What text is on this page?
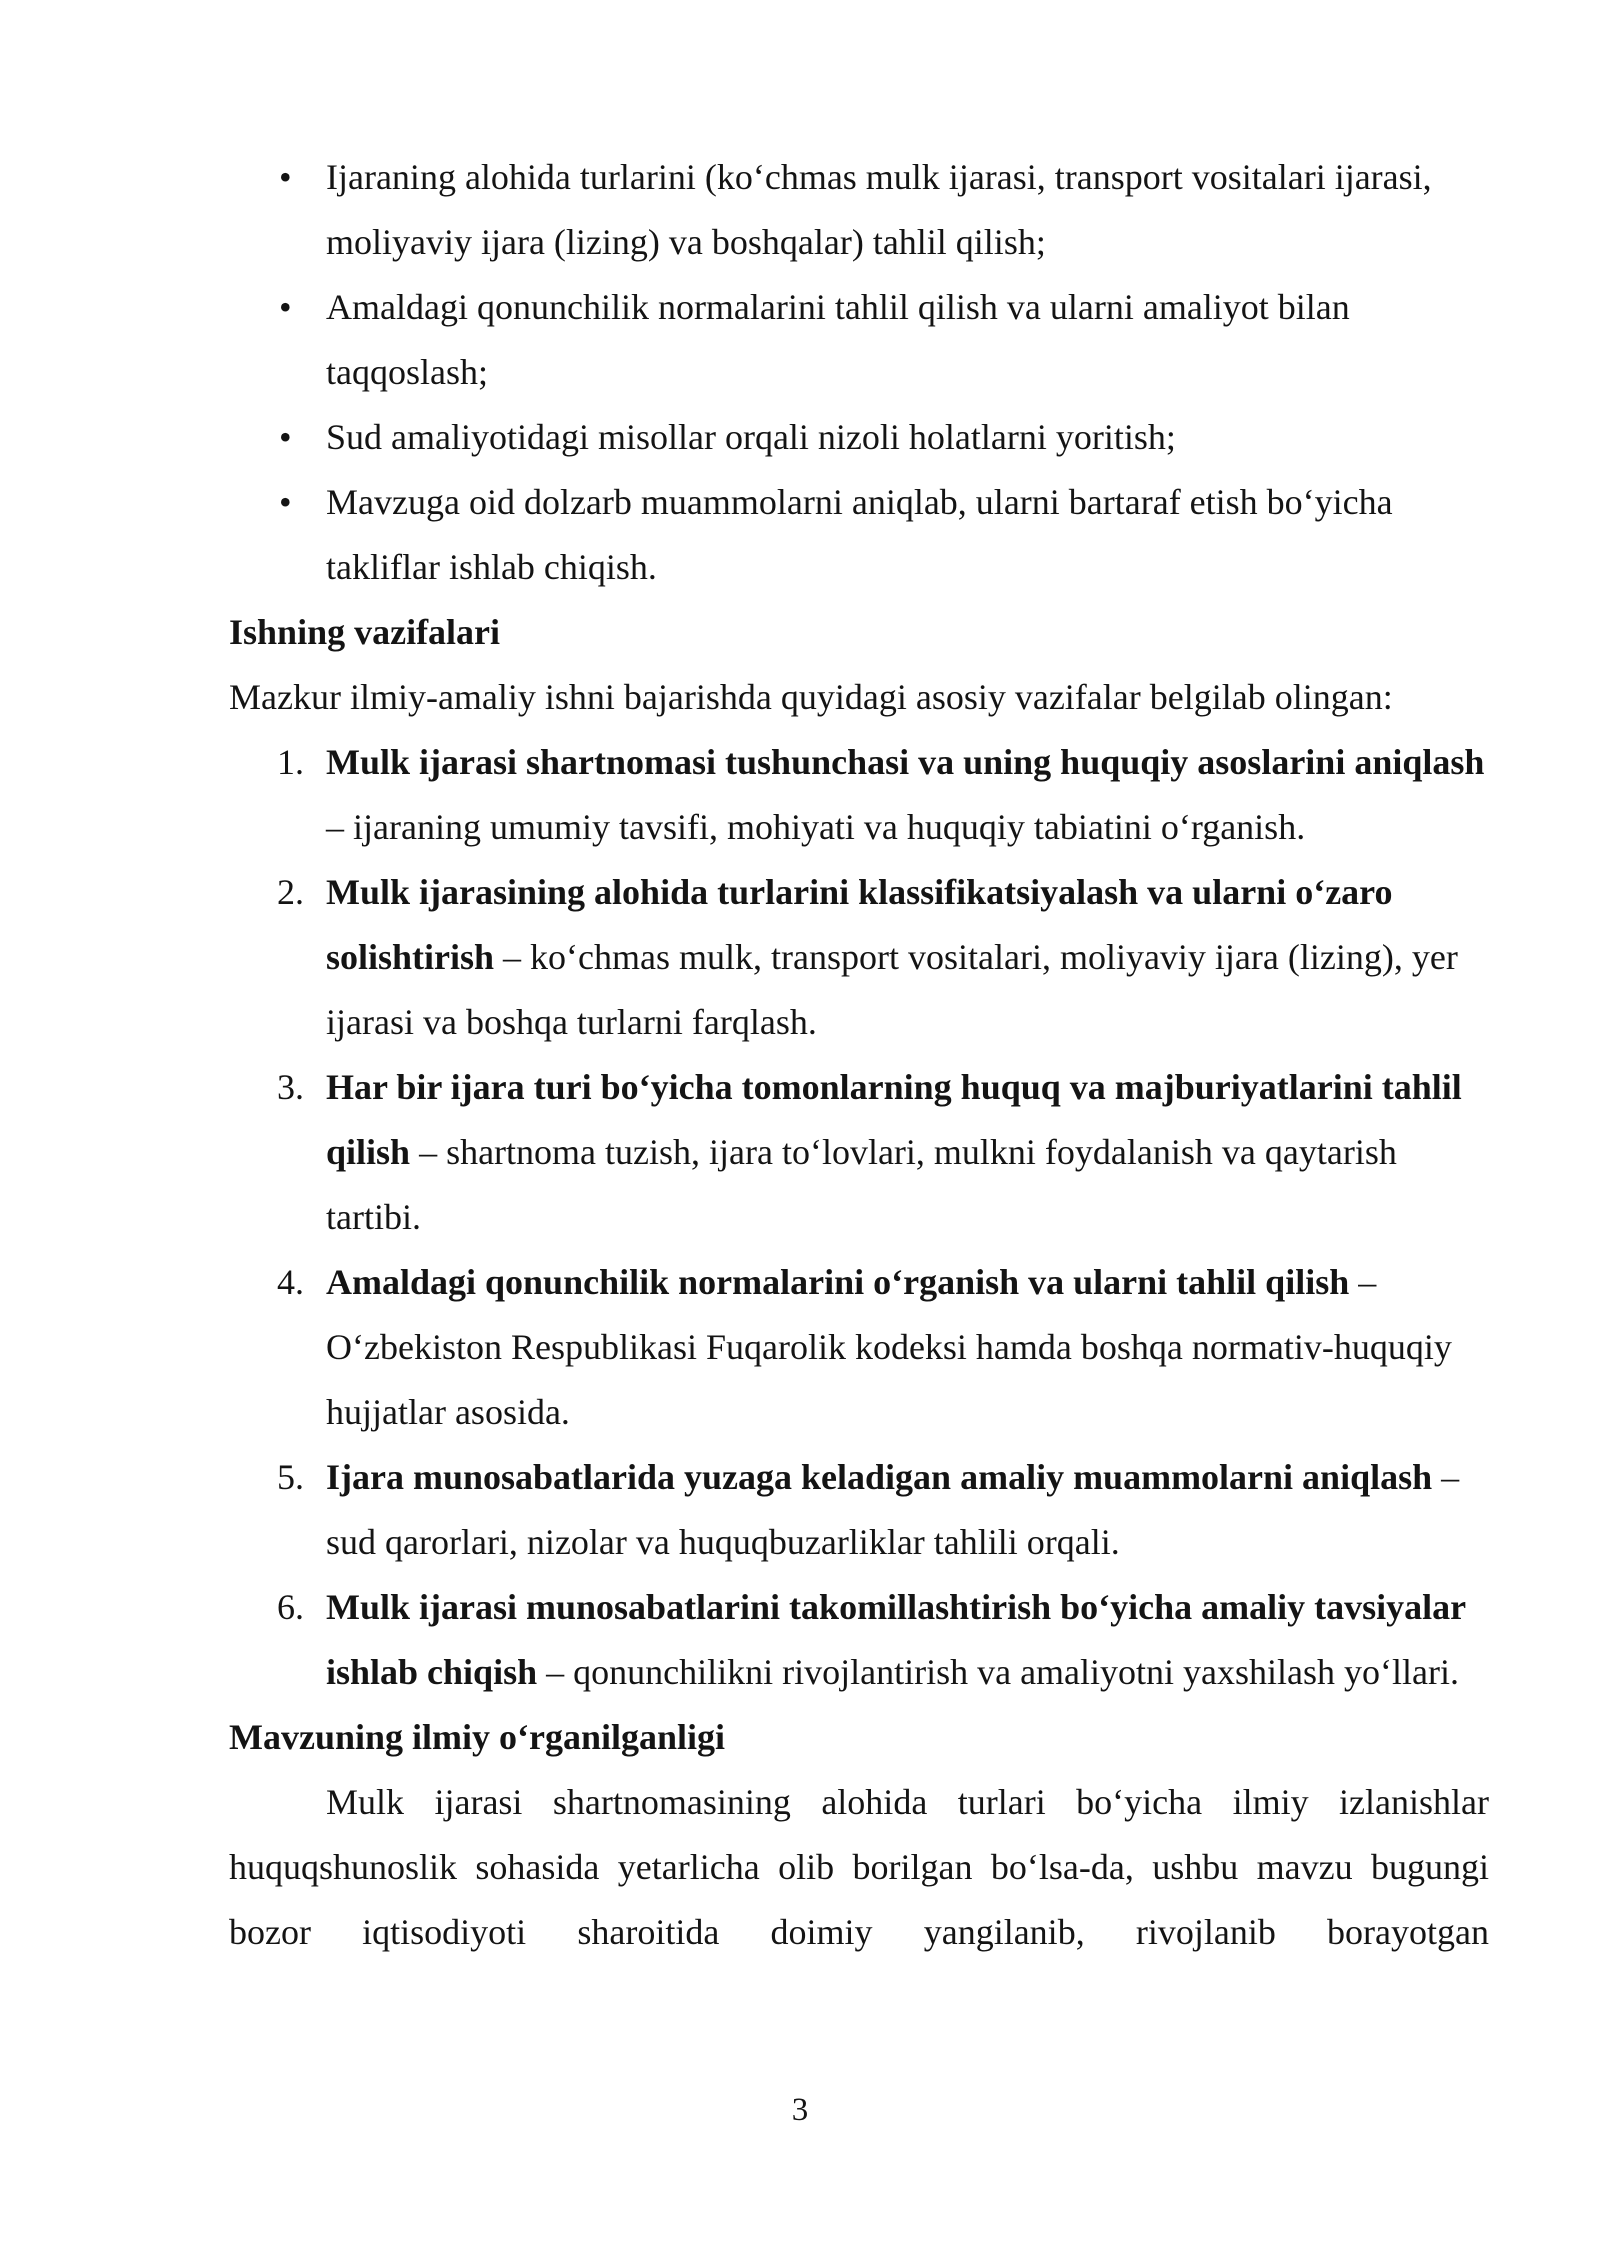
• Ijaraning alohida turlarini (ko‘chmas mulk ijarasi, transport vositalari ijarasi, moliyaviy ijara (lizing) va boshqalar) tahlil qilish;
• Amaldagi qonunchilik normalarini tahlil qilish va ularni amaliyot bilan taqqoslash;
• Sud amaliyotidagi misollar orqali nizoli holatlarni yoritish;
• Mavzuga oid dolzarb muammolarni aniqlab, ularni bartaraf etish bo‘yicha takliflar ishlab chiqish.

Ishning vazifalari

Mazkur ilmiy-amaliy ishni bajarishda quyidagi asosiy vazifalar belgilab olingan:

1. Mulk ijarasi shartnomasi tushunchasi va uning huquqiy asoslarini aniqlash – ijaraning umumiy tavsifi, mohiyati va huquqiy tabiatini o‘rganish.
2. Mulk ijarasining alohida turlarini klassifikatsiyalash va ularni o‘zaro solishtirish – ko‘chmas mulk, transport vositalari, moliyaviy ijara (lizing), yer ijarasi va boshqa turlarni farqlash.
3. Har bir ijara turi bo‘yicha tomonlarning huquq va majburiyatlarini tahlil qilish – shartnoma tuzish, ijara to‘lovlari, mulkni foydalanish va qaytarish tartibi.
4. Amaldagi qonunchilik normalarini o‘rganish va ularni tahlil qilish – O‘zbekiston Respublikasi Fuqarolik kodeksi hamda boshqa normativ-huquqiy hujjatlar asosida.
5. Ijara munosabatlarida yuzaga keladigan amaliy muammolarni aniqlash – sud qarorlari, nizolar va huquqbuzarliklar tahlili orqali.
6. Mulk ijarasi munosabatlarini takomillashtirish bo‘yicha amaliy tavsiyalar ishlab chiqish – qonunchilikni rivojlantirish va amaliyotni yaxshilash yo‘llari.

Mavzuning ilmiy o‘rganilganligi

Mulk ijarasi shartnomasining alohida turlari bo‘yicha ilmiy izlanishlar huquqshunoslik sohasida yetarlicha olib borilgan bo‘lsa-da, ushbu mavzu bugungi bozor iqtisodiyoti sharoitida doimiy yangilanib, rivojlanib borayotgan

3
